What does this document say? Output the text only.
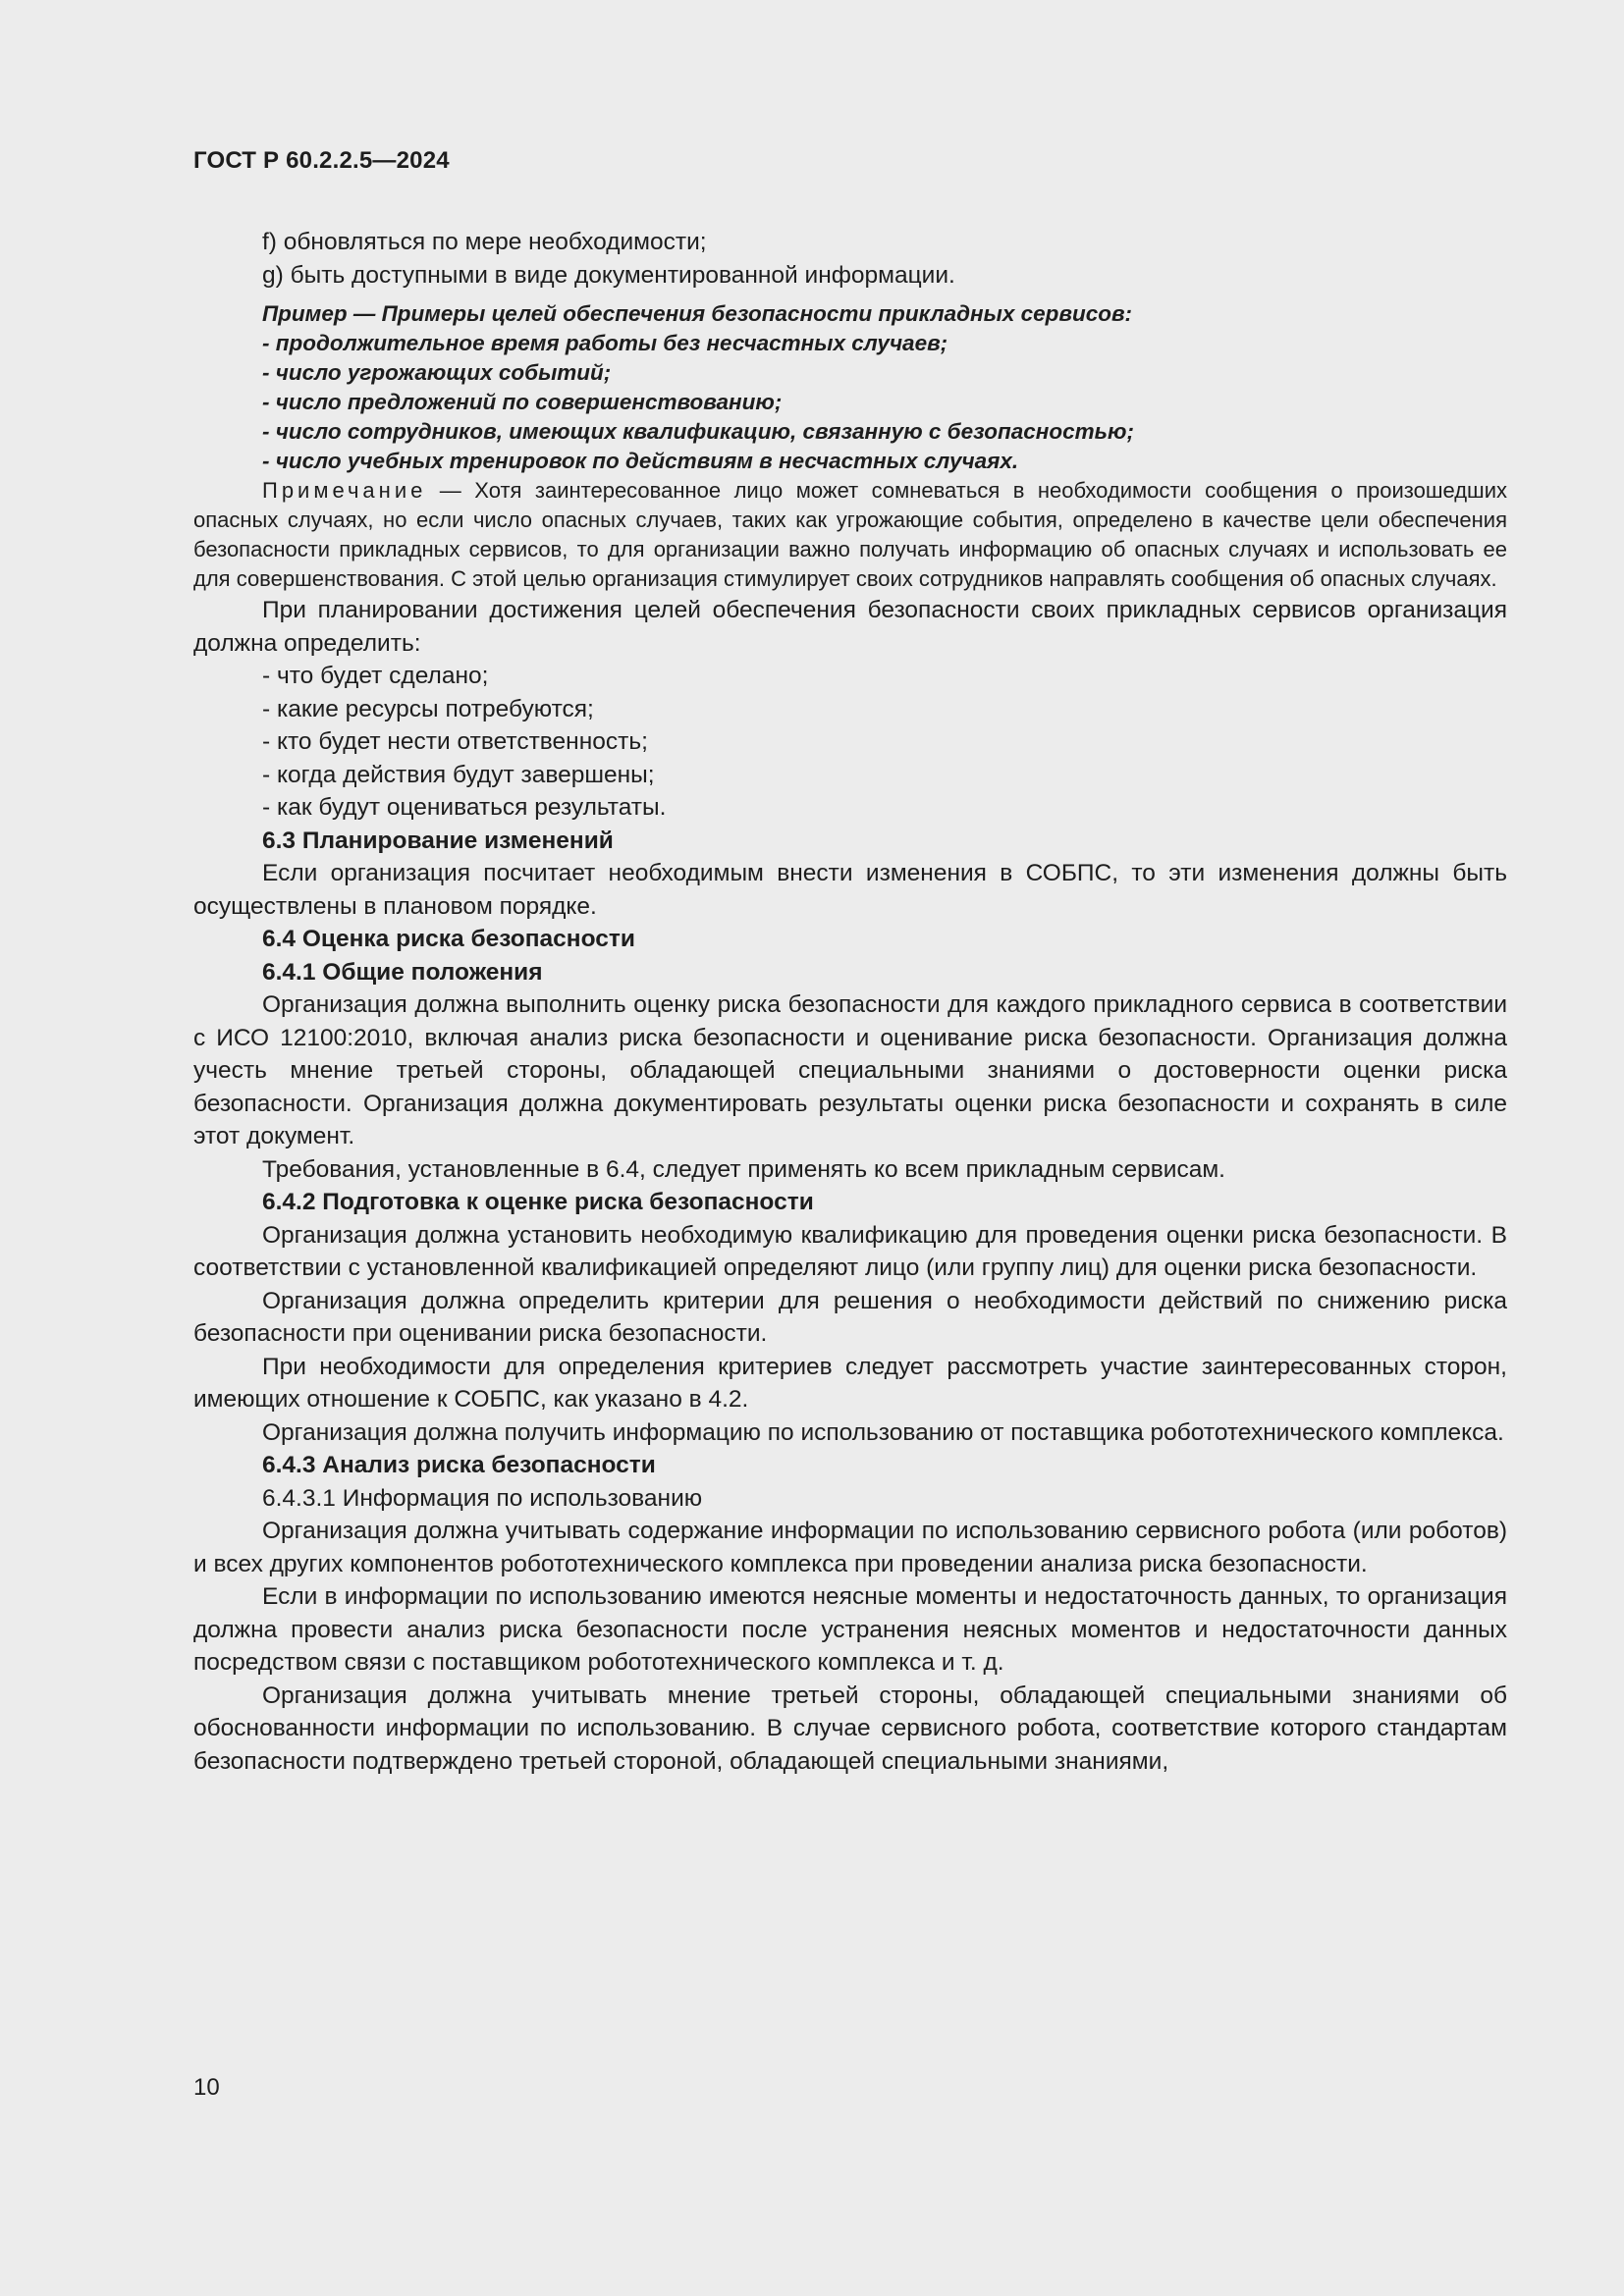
ГОСТ Р 60.2.2.5—2024

f) обновляться по мере необходимости;

g) быть доступными в виде документированной информации.

Пример — Примеры целей обеспечения безопасности прикладных сервисов:
- продолжительное время работы без несчастных случаев;
- число угрожающих событий;
- число предложений по совершенствованию;
- число сотрудников, имеющих квалификацию, связанную с безопасностью;
- число учебных тренировок по действиям в несчастных случаях.

Примечание — Хотя заинтересованное лицо может сомневаться в необходимости сообщения о произошедших опасных случаях, но если число опасных случаев, таких как угрожающие события, определено в качестве цели обеспечения безопасности прикладных сервисов, то для организации важно получать информацию об опасных случаях и использовать ее для совершенствования. С этой целью организация стимулирует своих сотрудников направлять сообщения об опасных случаях.

При планировании достижения целей обеспечения безопасности своих прикладных сервисов организация должна определить:

- что будет сделано;

- какие ресурсы потребуются;

- кто будет нести ответственность;

- когда действия будут завершены;

- как будут оцениваться результаты.

6.3 Планирование изменений

Если организация посчитает необходимым внести изменения в СОБПС, то эти изменения должны быть осуществлены в плановом порядке.

6.4 Оценка риска безопасности

6.4.1 Общие положения

Организация должна выполнить оценку риска безопасности для каждого прикладного сервиса в соответствии с ИСО 12100:2010, включая анализ риска безопасности и оценивание риска безопасности. Организация должна учесть мнение третьей стороны, обладающей специальными знаниями о достоверности оценки риска безопасности. Организация должна документировать результаты оценки риска безопасности и сохранять в силе этот документ.

Требования, установленные в 6.4, следует применять ко всем прикладным сервисам.

6.4.2 Подготовка к оценке риска безопасности

Организация должна установить необходимую квалификацию для проведения оценки риска безопасности. В соответствии с установленной квалификацией определяют лицо (или группу лиц) для оценки риска безопасности.

Организация должна определить критерии для решения о необходимости действий по снижению риска безопасности при оценивании риска безопасности.

При необходимости для определения критериев следует рассмотреть участие заинтересованных сторон, имеющих отношение к СОБПС, как указано в 4.2.

Организация должна получить информацию по использованию от поставщика робототехнического комплекса.

6.4.3 Анализ риска безопасности

6.4.3.1 Информация по использованию

Организация должна учитывать содержание информации по использованию сервисного робота (или роботов) и всех других компонентов робототехнического комплекса при проведении анализа риска безопасности.

Если в информации по использованию имеются неясные моменты и недостаточность данных, то организация должна провести анализ риска безопасности после устранения неясных моментов и недостаточности данных посредством связи с поставщиком робототехнического комплекса и т. д.

Организация должна учитывать мнение третьей стороны, обладающей специальными знаниями об обоснованности информации по использованию. В случае сервисного робота, соответствие которого стандартам безопасности подтверждено третьей стороной, обладающей специальными знаниями,

10
